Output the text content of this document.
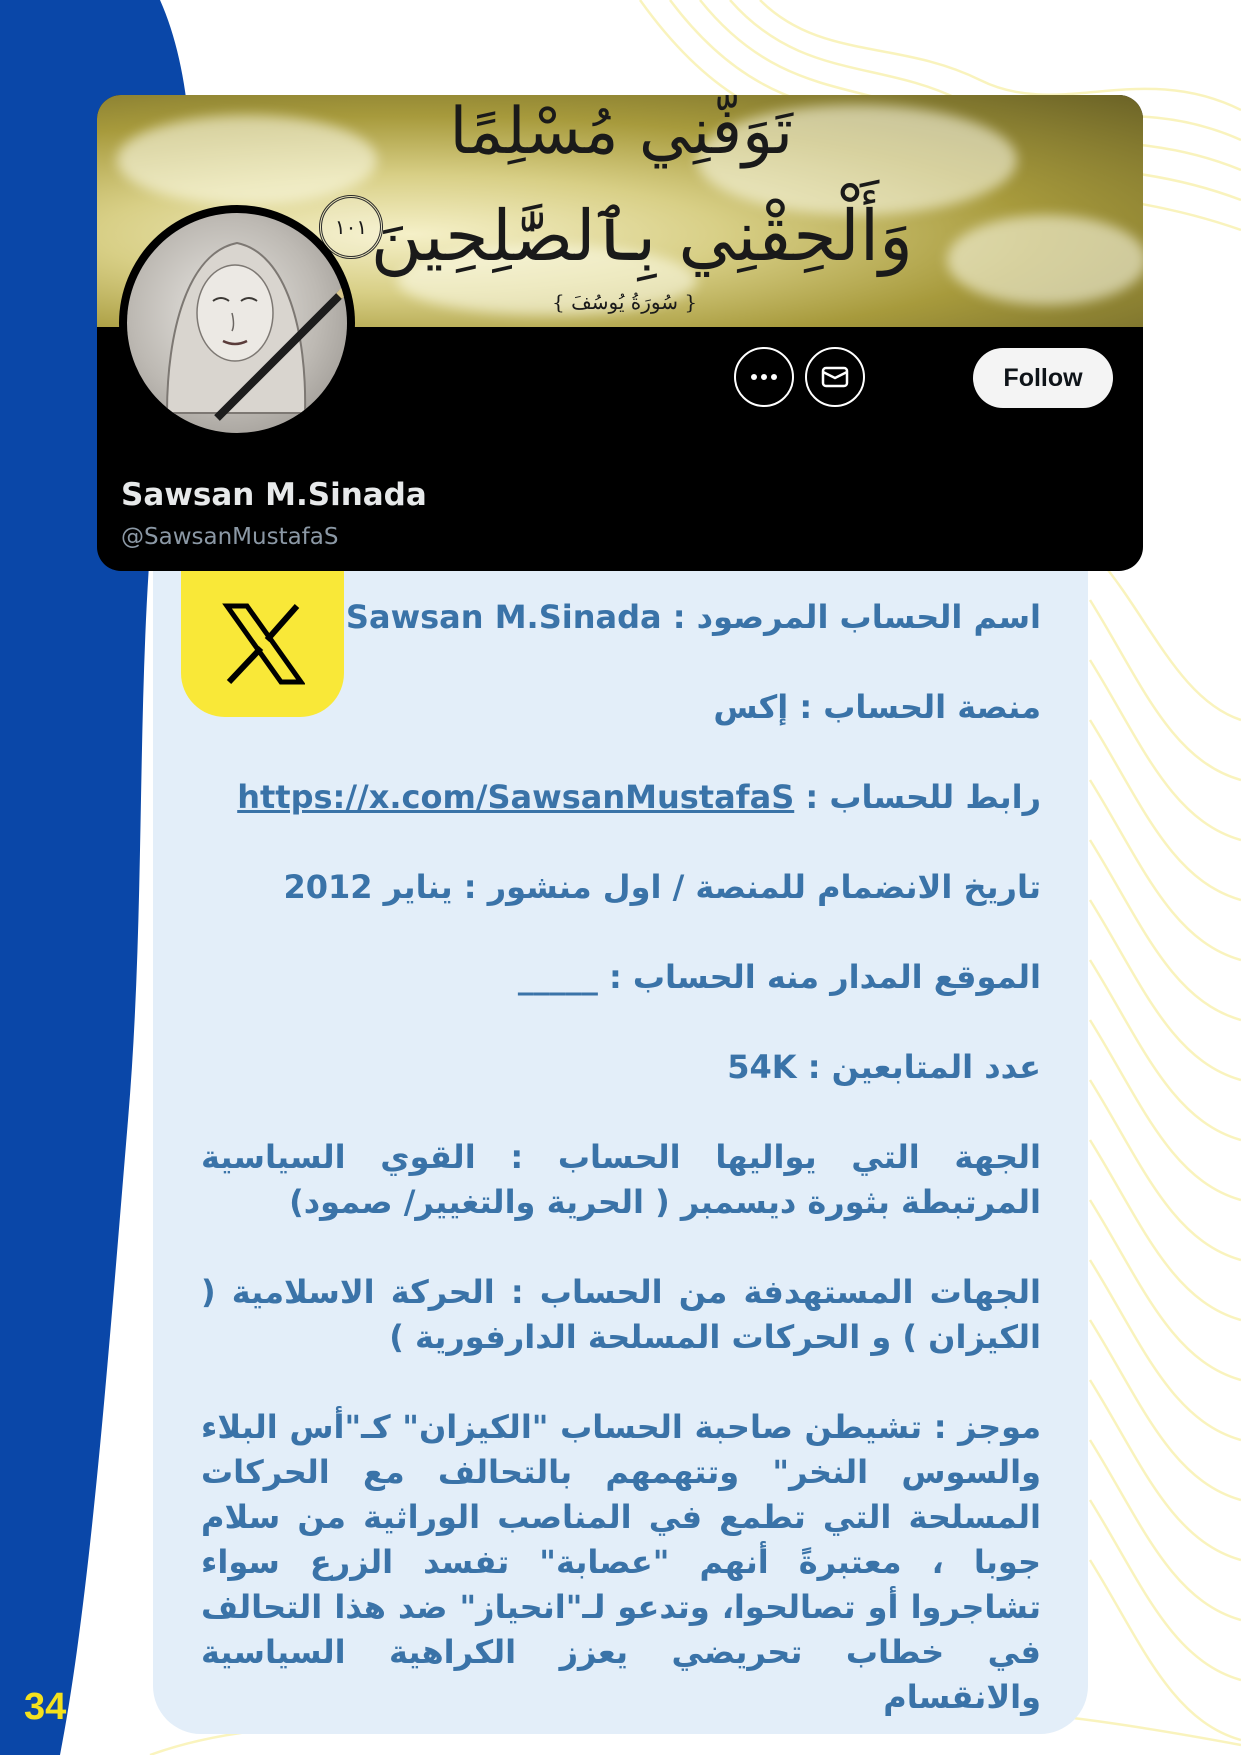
تَوَفَّنِي مُسْلِمًا
وَأَلْحِقْنِي بِٱلصَّٰلِحِينَ
١٠١
{ سُورَةُ يُوسُفَ }
Follow
Sawsan M.Sinada
@SawsanMustafaS

اسم الحساب المرصود : Sawsan M.Sinada

منصة الحساب : إكس

رابط للحساب : https://x.com/SawsanMustafaS

تاريخ الانضمام للمنصة / اول منشور : يناير 2012

الموقع المدار منه الحساب : _____

عدد المتابعين : 54K

الجهة التي يواليها الحساب : القوي السياسية المرتبطة بثورة ديسمبر ( الحرية والتغيير/ صمود)

الجهات المستهدفة من الحساب : الحركة الاسلامية ( الكيزان ) و الحركات المسلحة الدارفورية )

موجز : تشيطن صاحبة الحساب "الكيزان" كـ"أس البلاء والسوس النخر" وتتهمهم بالتحالف مع الحركات المسلحة التي تطمع في المناصب الوراثية من سلام جوبا ، معتبرةً أنهم "عصابة" تفسد الزرع سواء تشاجروا أو تصالحوا، وتدعو لـ"انحياز" ضد هذا التحالف في خطاب تحريضي يعزز الكراهية السياسية والانقسام

34
